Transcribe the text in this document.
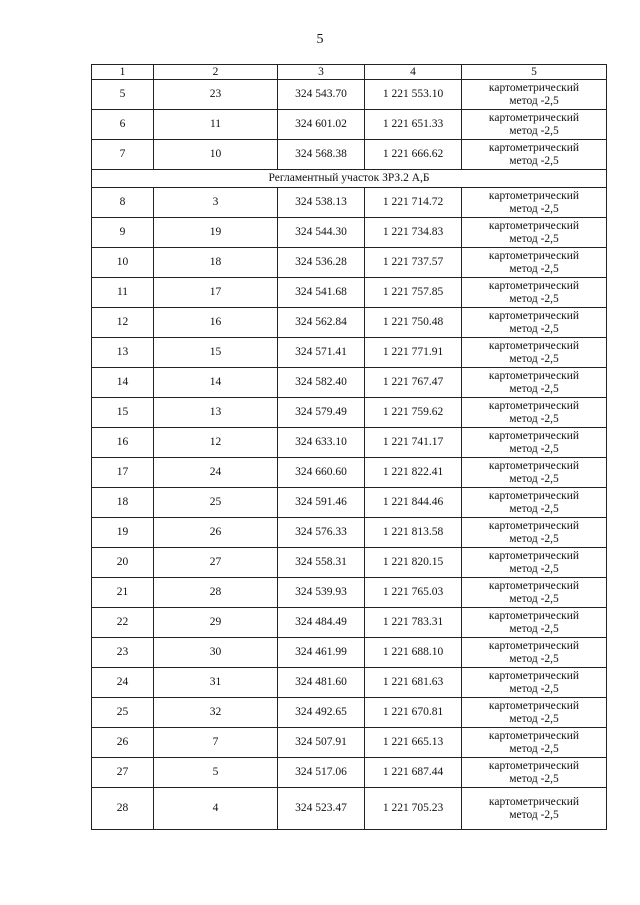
5
1	2	3	4	5
5	23	324 543.70	1 221 553.10	картометрический
метод -2,5
6	11	324 601.02	1 221 651.33	картометрический
метод -2,5
7	10	324 568.38	1 221 666.62	картометрический
метод -2,5
Регламентный участок ЗРЗ.2 А,Б				
8	3	324 538.13	1 221 714.72	картометрический
метод -2,5
9	19	324 544.30	1 221 734.83	картометрический
метод -2,5
10	18	324 536.28	1 221 737.57	картометрический
метод -2,5
11	17	324 541.68	1 221 757.85	картометрический
метод -2,5
12	16	324 562.84	1 221 750.48	картометрический
метод -2,5
13	15	324 571.41	1 221 771.91	картометрический
метод -2,5
14	14	324 582.40	1 221 767.47	картометрический
метод -2,5
15	13	324 579.49	1 221 759.62	картометрический
метод -2,5
16	12	324 633.10	1 221 741.17	картометрический
метод -2,5
17	24	324 660.60	1 221 822.41	картометрический
метод -2,5
18	25	324 591.46	1 221 844.46	картометрический
метод -2,5
19	26	324 576.33	1 221 813.58	картометрический
метод -2,5
20	27	324 558.31	1 221 820.15	картометрический
метод -2,5
21	28	324 539.93	1 221 765.03	картометрический
метод -2,5
22	29	324 484.49	1 221 783.31	картометрический
метод -2,5
23	30	324 461.99	1 221 688.10	картометрический
метод -2,5
24	31	324 481.60	1 221 681.63	картометрический
метод -2,5
25	32	324 492.65	1 221 670.81	картометрический
метод -2,5
26	7	324 507.91	1 221 665.13	картометрический
метод -2,5
27	5	324 517.06	1 221 687.44	картометрический
метод -2,5
28	4	324 523.47	1 221 705.23	картометрический
метод -2,5
